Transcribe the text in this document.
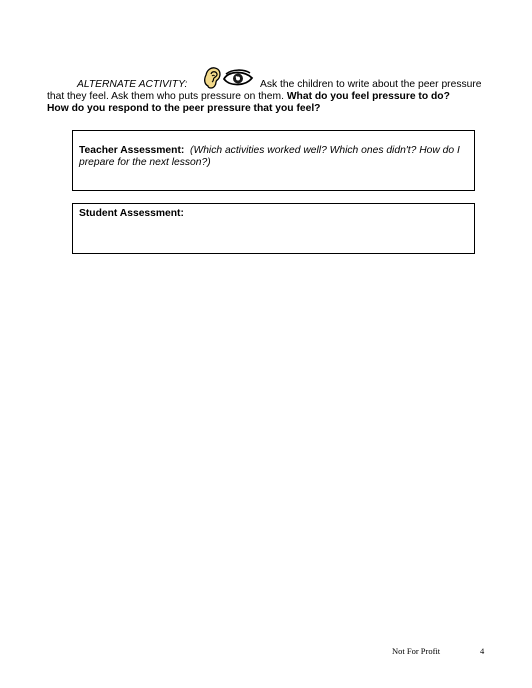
ALTERNATE ACTIVITY:	Ask the children to write about the peer pressure
that they feel. Ask them who puts pressure on them. What do you feel pressure to do?
How do you respond to the peer pressure that you feel?
Teacher Assessment: (Which activities worked well? Which ones didn't? How do I
prepare for the next lesson?)
Student Assessment:
Not For Profit	4
